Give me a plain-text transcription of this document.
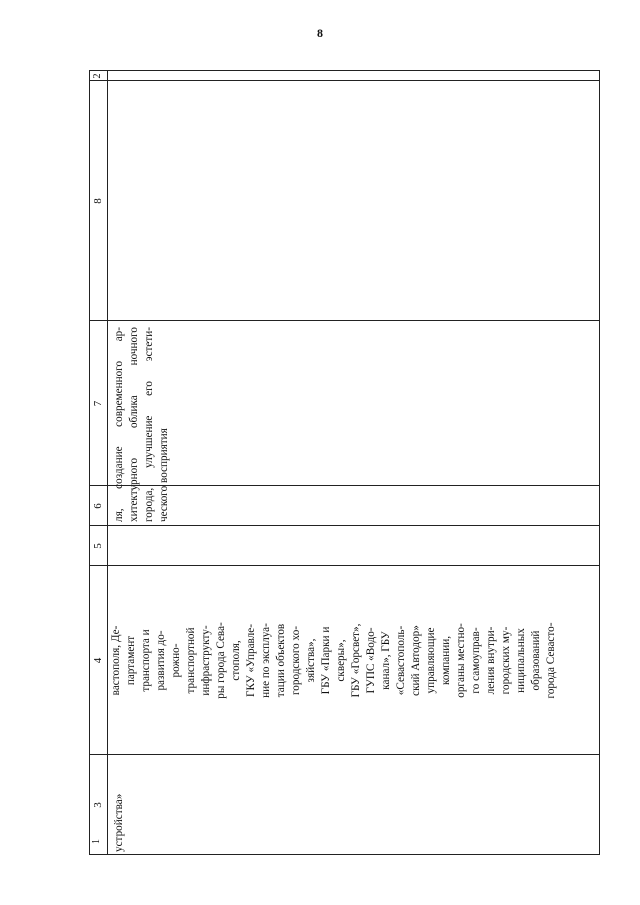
8
3
4
5
6
7
8
2
устройства»
вастополя, Де- партамент транспорта и развития до- рожно- транспортной инфраструкту- ры города Сева- стополя, ГКУ «Управле- ние по эксплуа- тации объектов городского хо- зяйства», ГБУ «Парки и скверы», ГБУ «Горсвет», ГУПС «Водо- канал», ГБУ «Севастополь- ский Автодор» управляющие компании, органы местно- го самоуправ- ления внутри- городских му- ниципальных образований города Севасто-
ля, создание современного ар- хитектурного облика ночного города, улучшение его эстети- ческого восприятия
1
